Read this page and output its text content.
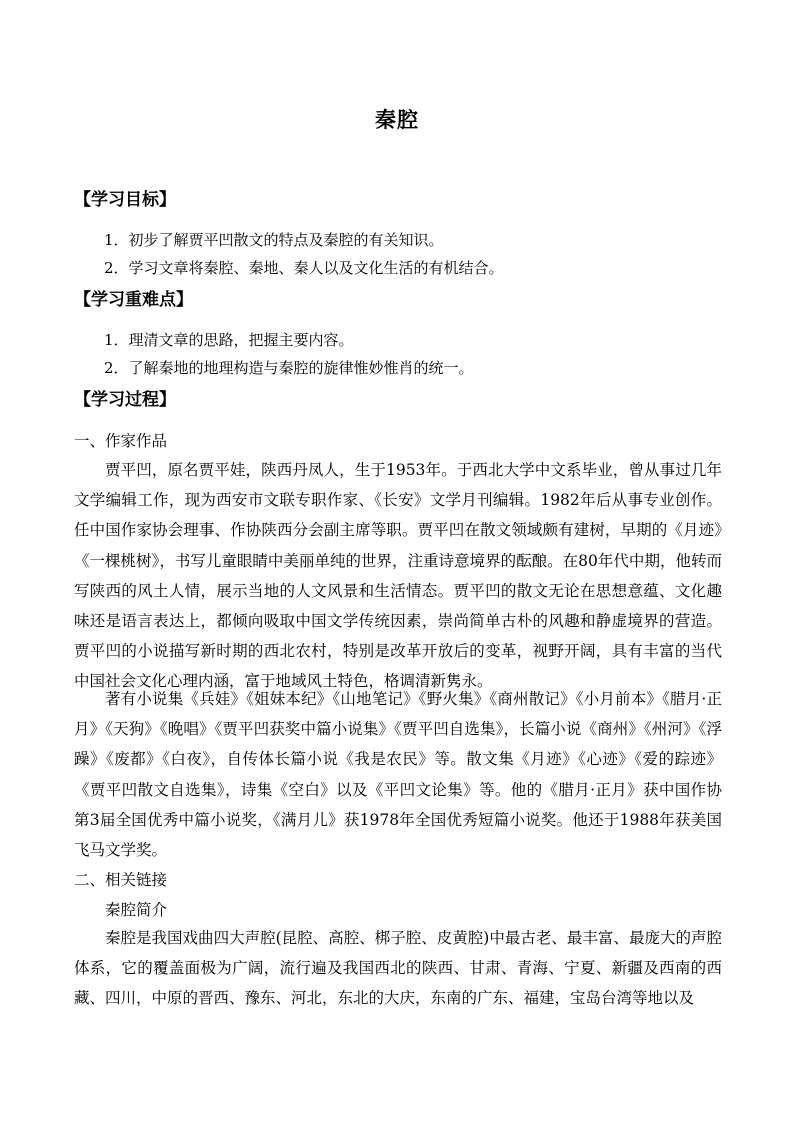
秦腔
【学习目标】
1．初步了解贾平凹散文的特点及秦腔的有关知识。
2．学习文章将秦腔、秦地、秦人以及文化生活的有机结合。
【学习重难点】
1．理清文章的思路，把握主要内容。
2．了解秦地的地理构造与秦腔的旋律惟妙惟肖的统一。
【学习过程】
一、作家作品

贾平凹，原名贾平娃，陕西丹凤人，生于1953年。于西北大学中文系毕业，曾从事过几年文学编辑工作，现为西安市文联专职作家、《长安》文学月刊编辑。1982年后从事专业创作。任中国作家协会理事、作协陕西分会副主席等职。贾平凹在散文领域颇有建树，早期的《月迹》《一棵桃树》，书写儿童眼睛中美丽单纯的世界，注重诗意境界的酝酿。在80年代中期，他转而写陕西的风土人情，展示当地的人文风景和生活情态。贾平凹的散文无论在思想意蕴、文化趣味还是语言表达上，都倾向吸取中国文学传统因素，崇尚简单古朴的风趣和静虚境界的营造。贾平凹的小说描写新时期的西北农村，特别是改革开放后的变革，视野开阔，具有丰富的当代中国社会文化心理内涵，富于地域风土特色，格调清新隽永。

著有小说集《兵娃》《姐妹本纪》《山地笔记》《野火集》《商州散记》《小月前本》《腊月·正月》《天狗》《晚唱》《贾平凹获奖中篇小说集》《贾平凹自选集》，长篇小说《商州》《州河》《浮躁》《废都》《白夜》，自传体长篇小说《我是农民》等。散文集《月迹》《心迹》《爱的踪迹》《贾平凹散文自选集》，诗集《空白》以及《平凹文论集》等。他的《腊月·正月》获中国作协第3届全国优秀中篇小说奖，《满月儿》获1978年全国优秀短篇小说奖。他还于1988年获美国飞马文学奖。

二、相关链接
秦腔简介

秦腔是我国戏曲四大声腔(昆腔、高腔、梆子腔、皮黄腔)中最古老、最丰富、最庞大的声腔体系，它的覆盖面极为广阔，流行遍及我国西北的陕西、甘肃、青海、宁夏、新疆及西南的西藏、四川，中原的晋西、豫东、河北，东北的大庆，东南的广东、福建，宝岛台湾等地以及
